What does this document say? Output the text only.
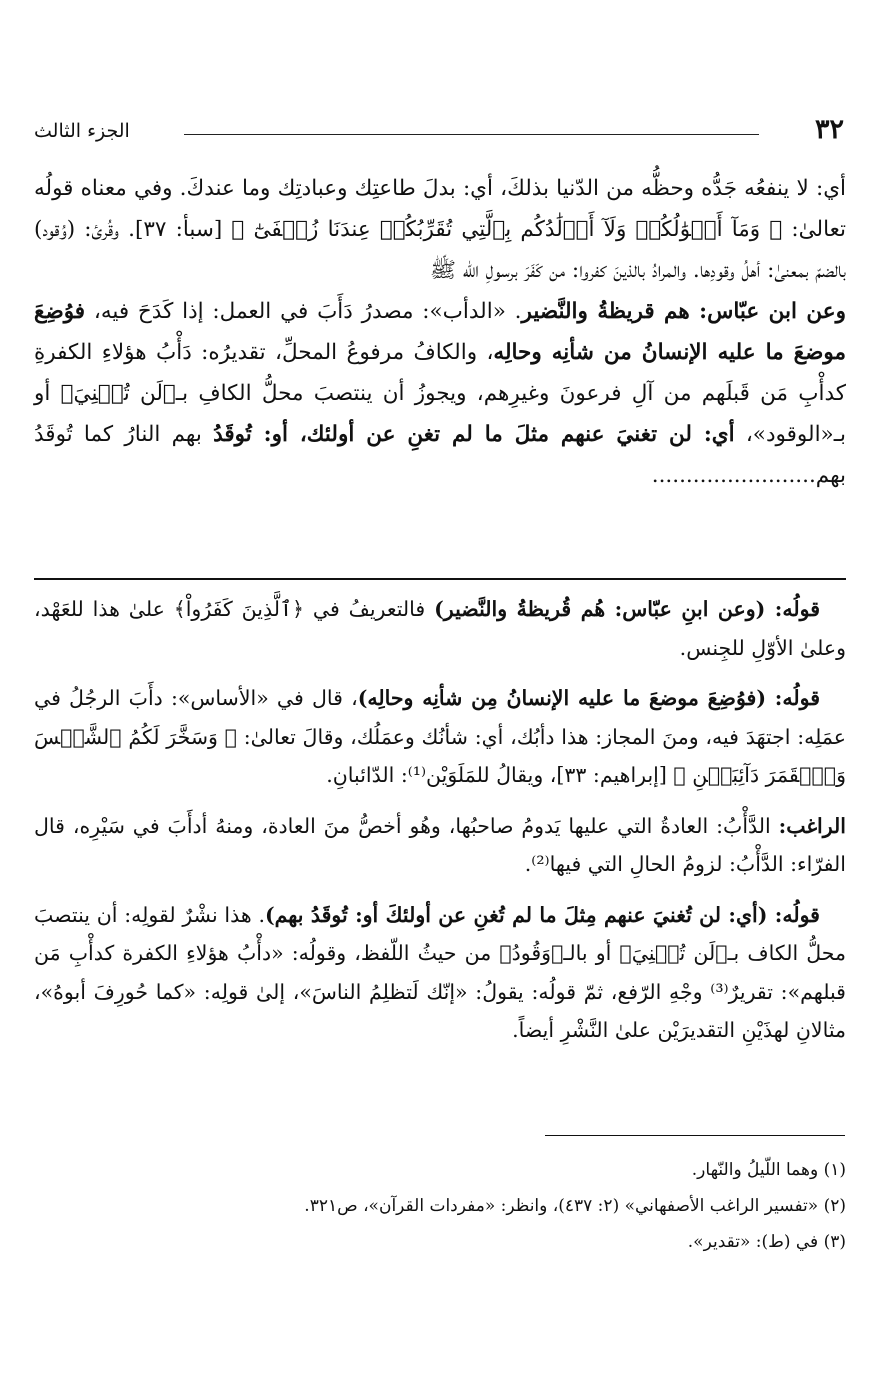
٣٢
الجزء الثالث

أي: لا ينفعُه جَدُّه وحظُّه من الدّنيا بذلكَ، أي: بدلَ طاعتِك وعبادتِك وما عندكَ. وفي معناه قولُه تعالىٰ: ﴿ وَمَآ أَمۡوَٰلُكُمۡ وَلَآ أَوۡلَٰدُكُم بِٱلَّتِي تُقَرِّبُكُمۡ عِندَنَا زُلۡفَىٰٓ ﴾ [سبأ: ٣٧]. وقُرئ: (وُقود) بالضمّ بمعنىٰ: أهلُ وقودِها. والمرادُ بالذينَ كفروا: من كَفَرَ برسولِ الله ﷺ
وعن ابن عبّاس: هم قريظةُ والنَّضير. «الدأب»: مصدرُ دَأَبَ في العمل: إذا كَدَحَ فيه، فوُضِعَ موضعَ ما عليه الإنسانُ من شأنِه وحالِه، والكافُ مرفوعُ المحلِّ، تقديرُه: دَأْبُ هؤلاءِ الكفرةِ كدأْبِ مَن قَبلَهم من آلِ فرعونَ وغيرِهم، ويجوزُ أن ينتصبَ محلُّ الكافِ بـ﴿لَن تُغۡنِيَ﴾ أو بـ«الوقود»، أي: لن تغنيَ عنهم مثلَ ما لم تغنِ عن أولئك، أو: تُوقَدُ بهم النارُ كما تُوقَدُ بهم........................

قولُه: (وعن ابنِ عبّاس: هُم قُريظةُ والنَّضير) فالتعريفُ في ﴿ٱلَّذِينَ كَفَرُواْ﴾ علىٰ هذا للعَهْد، وعلىٰ الأوّلِ للجِنس.

قولُه: (فوُضِعَ موضعَ ما عليه الإنسانُ مِن شأنِه وحالِه)، قال في «الأساس»: دأَبَ الرجُلُ في عمَلِه: اجتهَدَ فيه، ومنَ المجاز: هذا دأبُك، أي: شأنُك وعمَلُك، وقالَ تعالىٰ: ﴿ وَسَخَّرَ لَكُمُ ٱلشَّمۡسَ وَٱلۡقَمَرَ دَآئِبَيۡنِ ﴾ [إبراهيم: ٣٣]، ويقالُ للمَلَوَيْن⁽¹⁾: الدّائبانِ.

الراغب: الدَّأْبُ: العادةُ التي عليها يَدومُ صاحبُها، وهُو أخصُّ منَ العادة، ومنهُ أدأَبَ في سَيْرِه، قال الفرّاء: الدَّأْبُ: لزومُ الحالِ التي فيها⁽²⁾.

قولُه: (أي: لن تُغنيَ عنهم مِثلَ ما لم تُغنِ عن أولئكَ أو: تُوقَدُ بهم). هذا نشْرٌ لقولِه: أن ينتصبَ محلُّ الكاف بـ﴿لَن تُغۡنِيَ﴾ أو بالـ﴿وَقُودُ﴾ من حيثُ اللّفظ، وقولُه: «دأْبُ هؤلاءِ الكفرة كدأْبِ مَن قبلهم»: تقريرٌ⁽³⁾ وجْهِ الرّفع، ثمّ قولُه: يقولُ: «إنّك لَتظلِمُ الناسَ»، إلىٰ قولِه: «كما حُورِفَ أبوهُ»، مثالانِ لهذَيْنِ التقديرَيْن علىٰ النَّشْرِ أيضاً.

(١) وهما اللّيلُ والنّهار.

(٢) «تفسير الراغب الأصفهاني» (٢: ٤٣٧)، وانظر: «مفردات القرآن»، ص٣٢١.

(٣) في (ط): «تقدير».
